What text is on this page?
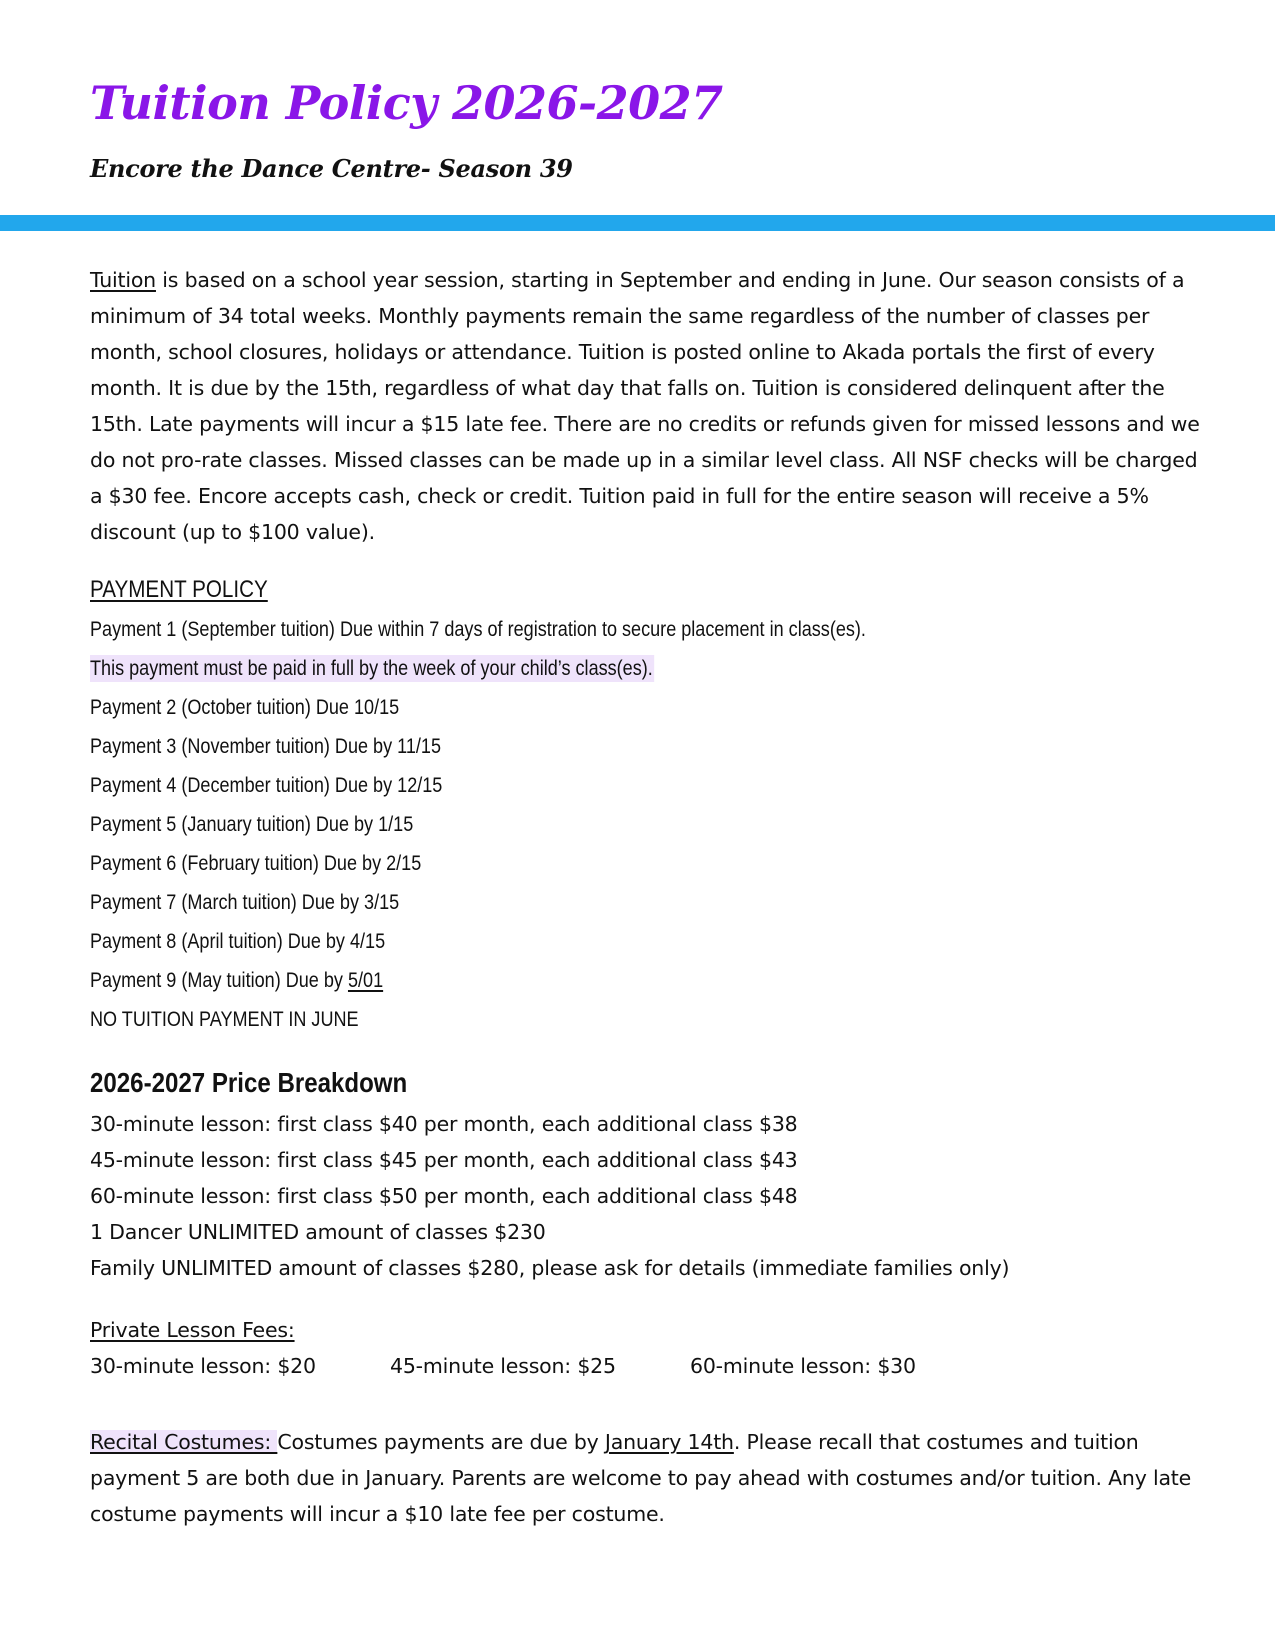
Tuition Policy 2026-2027
Encore the Dance Centre- Season 39

Tuition is based on a school year session, starting in September and ending in June. Our season consists of a minimum of 34 total weeks. Monthly payments remain the same regardless of the number of classes per month, school closures, holidays or attendance. Tuition is posted online to Akada portals the first of every month. It is due by the 15th, regardless of what day that falls on. Tuition is considered delinquent after the 15th. Late payments will incur a $15 late fee. There are no credits or refunds given for missed lessons and we do not pro-rate classes. Missed classes can be made up in a similar level class. All NSF checks will be charged a $30 fee. Encore accepts cash, check or credit. Tuition paid in full for the entire season will receive a 5% discount (up to $100 value).

PAYMENT POLICY

Payment 1 (September tuition) Due within 7 days of registration to secure placement in class(es).

This payment must be paid in full by the week of your child’s class(es).

Payment 2 (October tuition) Due 10/15

Payment 3 (November tuition) Due by 11/15

Payment 4 (December tuition) Due by 12/15

Payment 5 (January tuition) Due by 1/15

Payment 6 (February tuition) Due by 2/15

Payment 7 (March tuition) Due by 3/15

Payment 8 (April tuition) Due by 4/15

Payment 9 (May tuition) Due by 5/01

NO TUITION PAYMENT IN JUNE

2026-2027 Price Breakdown
30-minute lesson: first class $40 per month, each additional class $38
45-minute lesson: first class $45 per month, each additional class $43
60-minute lesson: first class $50 per month, each additional class $48
1 Dancer UNLIMITED amount of classes $230
Family UNLIMITED amount of classes $280, please ask for details (immediate families only)

Private Lesson Fees:

30-minute lesson: $20	45-minute lesson: $25	60-minute lesson: $30

Recital Costumes: Costumes payments are due by January 14th. Please recall that costumes and tuition payment 5 are both due in January. Parents are welcome to pay ahead with costumes and/or tuition. Any late costume payments will incur a $10 late fee per costume.
